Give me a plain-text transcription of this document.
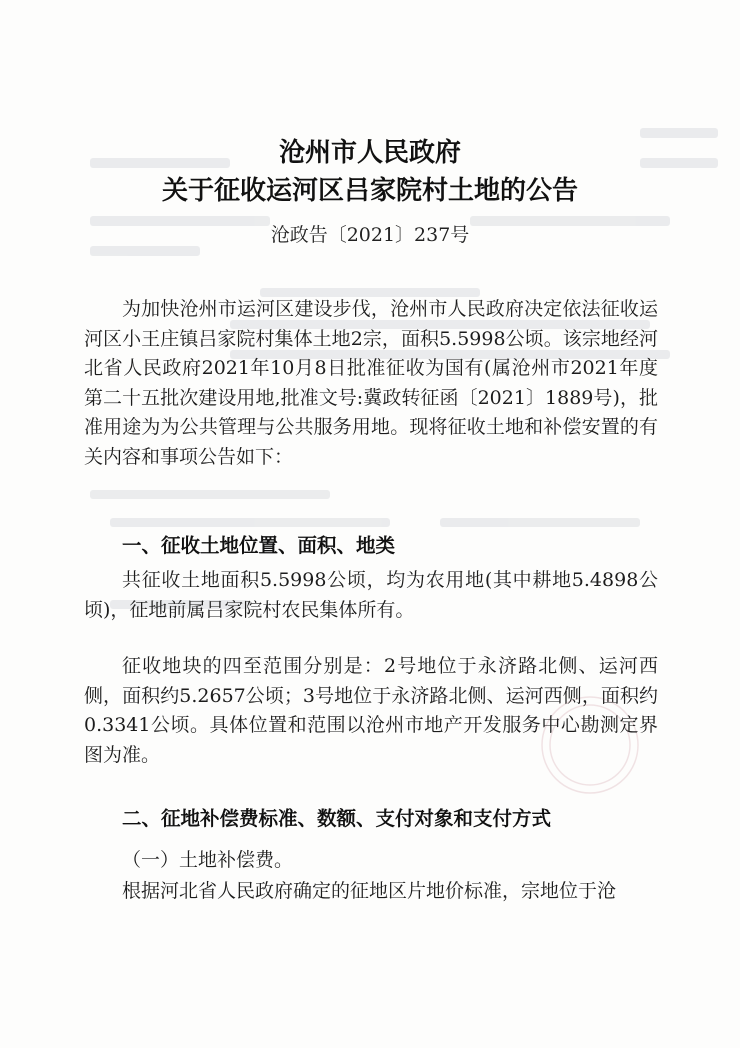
沧州市人民政府
关于征收运河区吕家院村土地的公告
沧政告〔2021〕237号

为加快沧州市运河区建设步伐，沧州市人民政府决定依法征收运河区小王庄镇吕家院村集体土地2宗，面积5.5998公顷。该宗地经河北省人民政府2021年10月8日批准征收为国有(属沧州市2021年度第二十五批次建设用地,批准文号:冀政转征函〔2021〕1889号)，批准用途为为公共管理与公共服务用地。现将征收土地和补偿安置的有关内容和事项公告如下：

一、征收土地位置、面积、地类

共征收土地面积5.5998公顷，均为农用地(其中耕地5.4898公顷)，征地前属吕家院村农民集体所有。

征收地块的四至范围分别是：2号地位于永济路北侧、运河西侧，面积约5.2657公顷；3号地位于永济路北侧、运河西侧，面积约0.3341公顷。具体位置和范围以沧州市地产开发服务中心勘测定界图为准。

二、征地补偿费标准、数额、支付对象和支付方式

（一）土地补偿费。

根据河北省人民政府确定的征地区片地价标准，宗地位于沧
